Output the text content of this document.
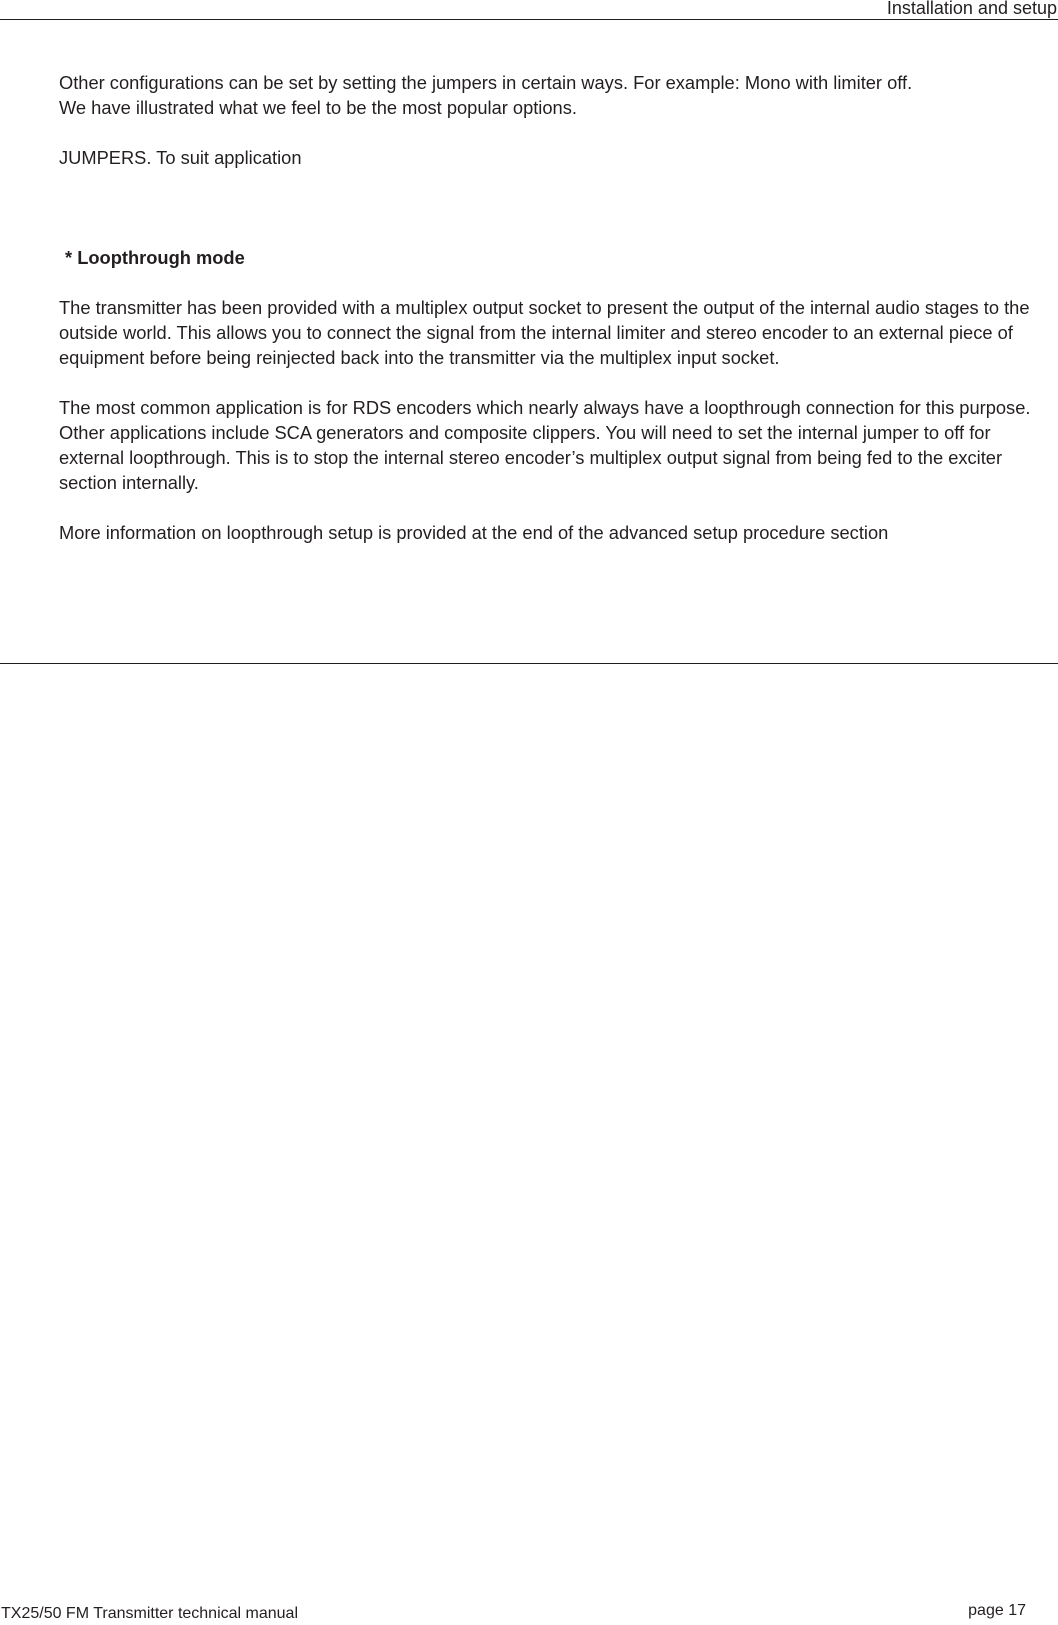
Installation and setup

Other configurations can be set by setting the jumpers in certain ways. For example: Mono with limiter off.
We have illustrated what we feel to be the most popular options.

JUMPERS. To suit application

* Loopthrough mode

The transmitter has been provided with a multiplex output socket to present the output of the internal audio stages to the outside world. This allows you to connect the signal from the internal limiter and stereo encoder to an external piece of equipment before being reinjected back into the transmitter via the multiplex input socket.

The most common application is for RDS encoders which nearly always have a loopthrough connection for this purpose. Other applications include SCA generators and composite clippers. You will need to set the internal jumper to off for external loopthrough. This is to stop the internal stereo encoder’s multiplex output signal from being fed to the exciter section internally.

More information on loopthrough setup is provided at the end of the advanced setup procedure section

TX25/50 FM Transmitter technical manual	page 17
